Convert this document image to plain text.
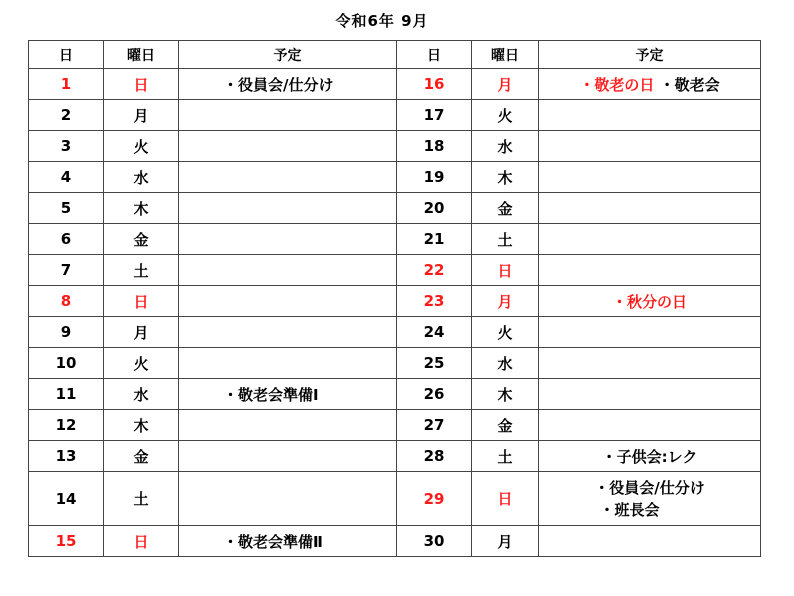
令和6年 9月
日	曜日	予定	日	曜日	予定
1	日	・役員会/仕分け	16	月	・敬老の日 ・敬老会
2	月		17	火	
3	火		18	水	
4	水		19	木	
5	木		20	金	
6	金		21	土	
7	土		22	日	
8	日		23	月	・秋分の日
9	月		24	火	
10	火		25	水	
11	水	・敬老会準備Ⅰ	26	木	
12	木		27	金	
13	金		28	土	・子供会:レク
14	土		29	日	・役員会/仕分け
・班長会

15	日	・敬老会準備Ⅱ	30	月	
